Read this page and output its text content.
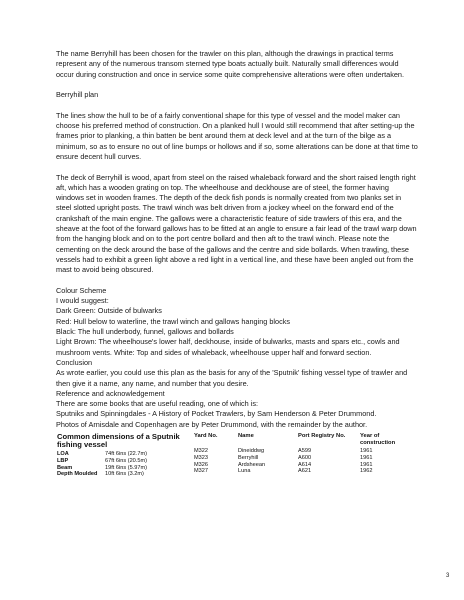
The name Berryhill has been chosen for the trawler on this plan, although the drawings in practical terms represent any of the numerous transom sterned type boats actually built. Naturally small differences would occur during construction and once in service some quite comprehensive alterations were often undertaken.

Berryhill plan

The lines show the hull to be of a fairly conventional shape for this type of vessel and the model maker can choose his preferred method of construction. On a planked hull I would still recommend that after setting-up the frames prior to planking, a thin batten be bent around them at deck level and at the turn of the bilge as a minimum, so as to ensure no out of line bumps or hollows and if so, some alterations can be done at that time to ensure decent hull curves.

The deck of Berryhill is wood, apart from steel on the raised whaleback forward and the short raised length right aft, which has a wooden grating on top. The wheelhouse and deckhouse are of steel, the former having windows set in wooden frames. The depth of the deck fish ponds is normally created from two planks set in steel slotted upright posts. The trawl winch was belt driven from a jockey wheel on the forward end of the crankshaft of the main engine. The gallows were a characteristic feature of side trawlers of this era, and the sheave at the foot of the forward gallows has to be fitted at an angle to ensure a fair lead of the trawl warp down from the hanging block and on to the port centre bollard and then aft to the trawl winch. Please note the cementing on the deck around the base of the gallows and the centre and side bollards. When trawling, these vessels had to exhibit a green light above a red light in a vertical line, and these have been angled out from the mast to avoid being obscured.

Colour Scheme
I would suggest:
Dark Green: Outside of bulwarks
Red: Hull below to waterline, the trawl winch and gallows hanging blocks
Black: The hull underbody, funnel, gallows and bollards

Light Brown: The wheelhouse's lower half, deckhouse, inside of bulwarks, masts and spars etc., cowls and mushroom vents. White: Top and sides of whaleback, wheelhouse upper half and forward section.

Conclusion

As wrote earlier, you could use this plan as the basis for any of the 'Sputnik' fishing vessel type of trawler and then give it a name, any name, and number that you desire.

Reference and acknowledgement
There are some books that are useful reading, one of which is:
Sputniks and Spinningdales - A History of Pocket Trawlers, by Sam Henderson & Peter Drummond.
Photos of Arnisdale and Copenhagen are by Peter Drummond, with the remainder by the author.
Common dimensions of a Sputnik fishing vessel
LOA	74ft 6ins (22.7m)
LBP	67ft 6ins (20.5m)
Beam	19ft 6ins (5.97m)
Depth Moulded 10ft 6ins (3.2m)
Yard No.	Name	Port Registry No.	Year of construction
M322	Dineiddwg	A599	1961
M323	Berryhill	A600	1961
M326	Ardsheean	A614	1961
M327	Luna	A621	1962
3
